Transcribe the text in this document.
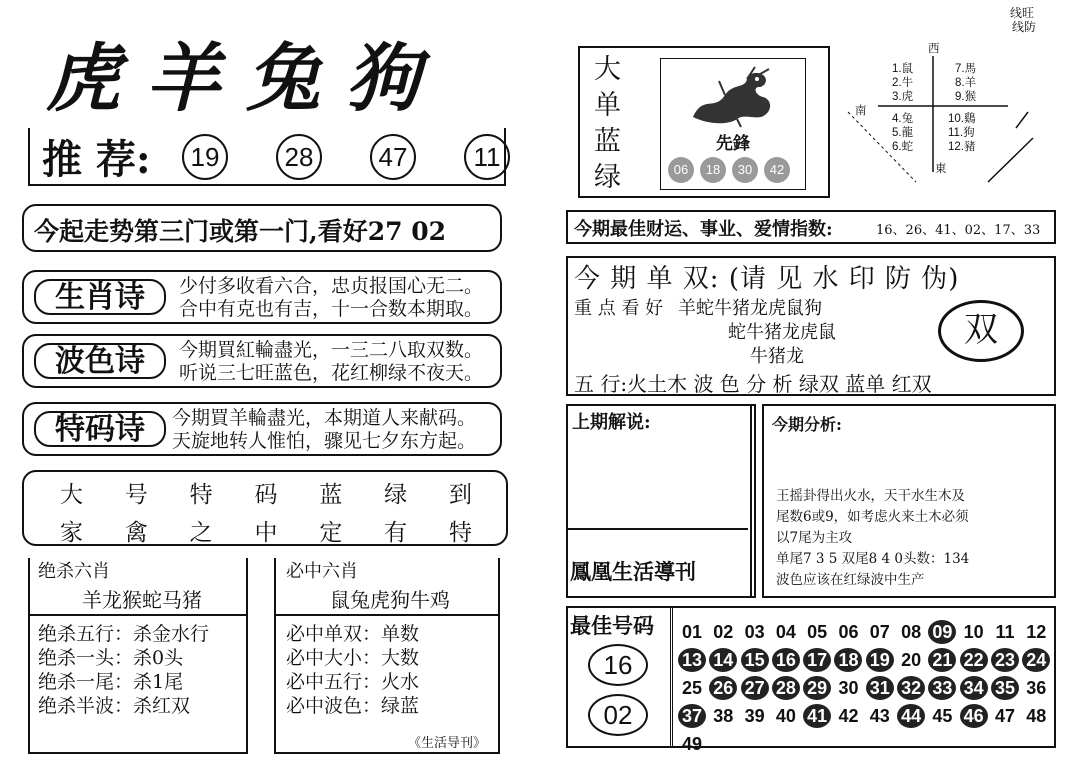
线旺
线防
虎羊兔狗
推 荐:	19	28	47	11
今起走势第三门或第一门,看好27 02
生肖诗	少付多收看六合，忠贞报国心无二。
合中有克也有吉，十一合数本期取。
波色诗	今期買紅輪盡光，一三二八取双数。
听说三七旺蓝色，花红柳绿不夜天。
特码诗	今期買羊輪盡光，本期道人来献码。
天旋地转人惟怕，骤见七夕东方起。
大 号 特 码 蓝 绿 到
家 禽 之 中 定 有 特
绝杀六肖
羊龙猴蛇马猪
绝杀五行：杀金水行
绝杀一头：杀0头
绝杀一尾：杀1尾
绝杀半波：杀红双
必中六肖
鼠兔虎狗牛鸡
必中单双：单数
必中大小：大数
必中五行：火水
必中波色：绿蓝
《生活导刊》
大
单
蓝
绿
先鋒
06 18 30 42
西
南
東
1.鼠
2.牛
3.虎
4.兔
5.龍
6.蛇
7.馬
8.羊
9.猴
10.鷄
11.狗
12.豬
今期最佳财运、事业、爱情指数:	16、26、41、02、17、33
今 期 单 双: (请 见 水 印 防 伪)
重 点 看 好 羊蛇牛猪龙虎鼠狗
蛇牛猪龙虎鼠
牛猪龙
双
五 行:火土木 波 色 分 析 绿双 蓝单 红双
上期解说:
鳳凰生活導刊
今期分析:
王摇卦得出火水，天干水生木及
尾数6或9，如考虑火来土木必须
以7尾为主攻
单尾7 3 5 双尾8 4 0头数：134
波色应该在红绿波中生产
最佳号码
16
02
01 02 03 04 05 06 07 08 09 10 11 12
13 14 15 16 17 18 19 20 21 22 23 24
25 26 27 28 29 30 31 32 33 34 35 36
37 38 39 40 41 42 43 44 45 46 47 48
49
